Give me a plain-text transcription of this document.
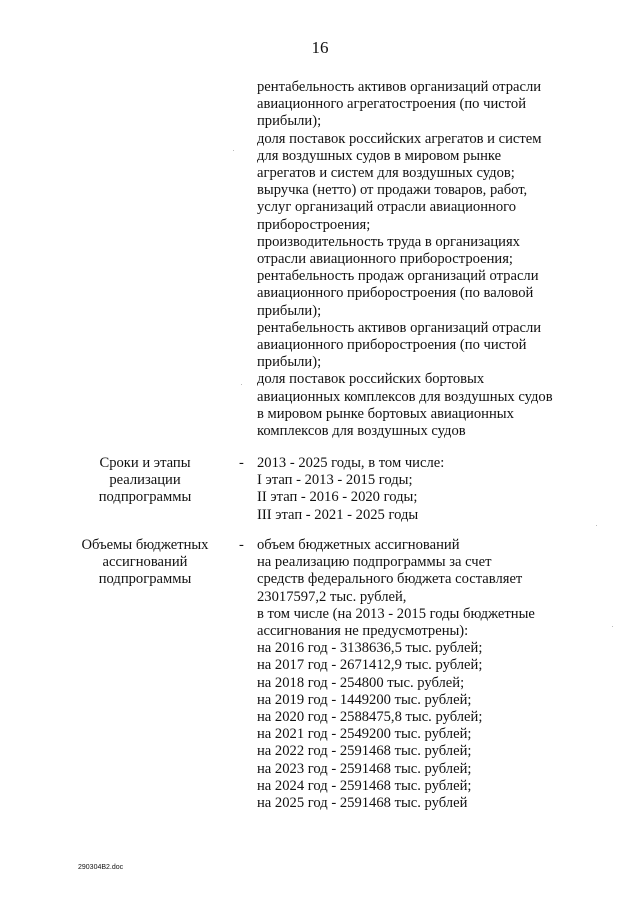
16
рентабельность активов организаций отрасли
авиационного агрегатостроения (по чистой
прибыли);
доля поставок российских агрегатов и систем
для воздушных судов в мировом рынке
агрегатов и систем для воздушных судов;
выручка (нетто) от продажи товаров, работ,
услуг организаций отрасли авиационного
приборостроения;
производительность труда в организациях
отрасли авиационного приборостроения;
рентабельность продаж организаций отрасли
авиационного приборостроения (по валовой
прибыли);
рентабельность активов организаций отрасли
авиационного приборостроения (по чистой
прибыли);
доля поставок российских бортовых
авиационных комплексов для воздушных судов
в мировом рынке бортовых авиационных
комплексов для воздушных судов
Сроки и этапы
реализации
подпрограммы
- 2013 - 2025 годы, в том числе:
I этап - 2013 - 2015 годы;
II этап - 2016 - 2020 годы;
III этап - 2021 - 2025 годы
Объемы бюджетных
ассигнований
подпрограммы
- объем бюджетных ассигнований
на реализацию подпрограммы за счет
средств федерального бюджета составляет
23017597,2 тыс. рублей,
в том числе (на 2013 - 2015 годы бюджетные
ассигнования не предусмотрены):
на 2016 год - 3138636,5 тыс. рублей;
на 2017 год - 2671412,9 тыс. рублей;
на 2018 год - 254800 тыс. рублей;
на 2019 год - 1449200 тыс. рублей;
на 2020 год - 2588475,8 тыс. рублей;
на 2021 год - 2549200 тыс. рублей;
на 2022 год - 2591468 тыс. рублей;
на 2023 год - 2591468 тыс. рублей;
на 2024 год - 2591468 тыс. рублей;
на 2025 год - 2591468 тыс. рублей
290304В2.doc
